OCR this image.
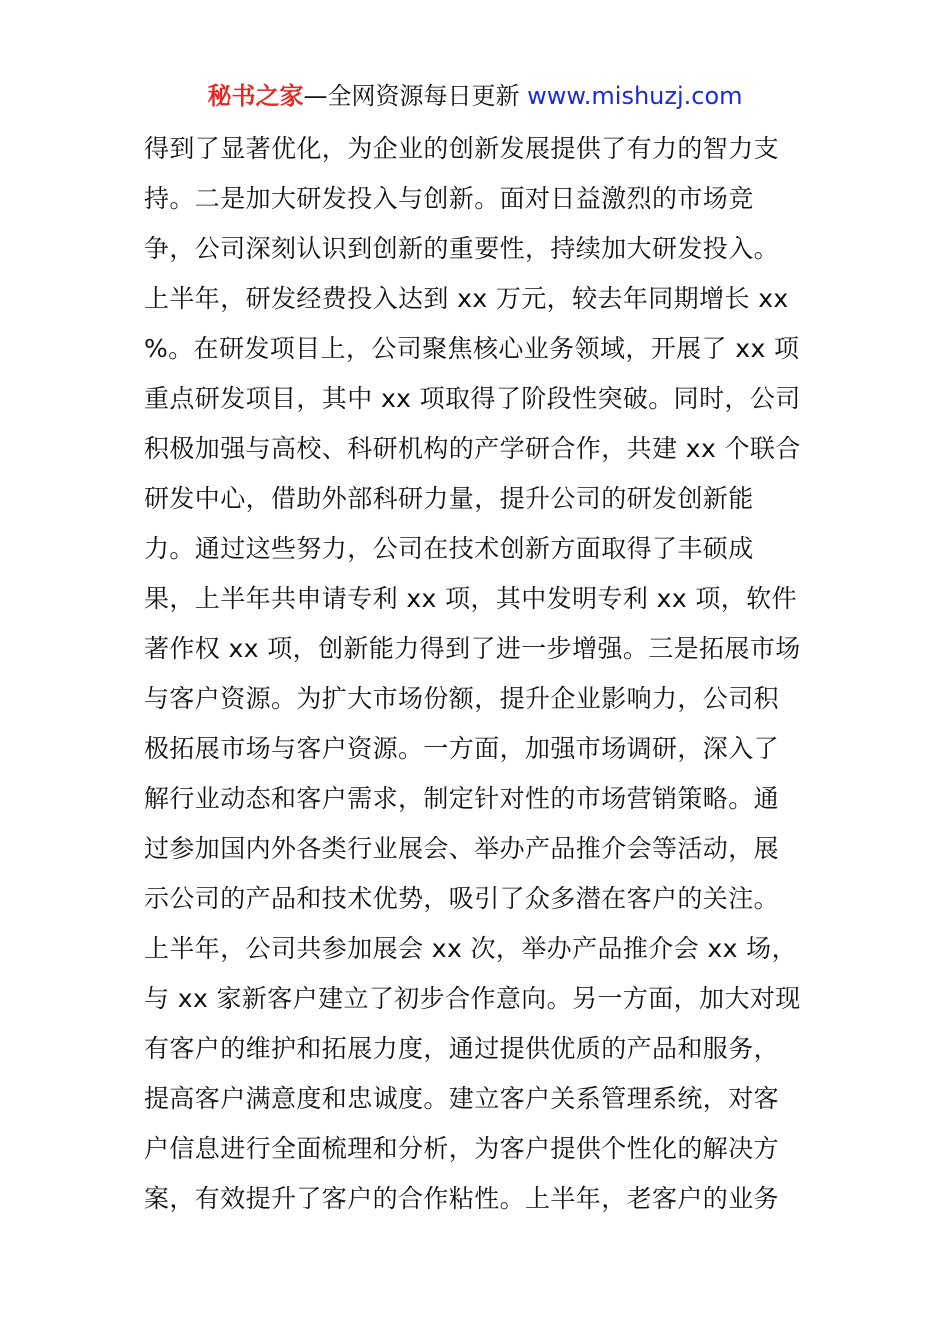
秘书之家—全网资源每日更新 www.mishuzj.com
得到了显著优化，为企业的创新发展提供了有力的智力支
持。二是加大研发投入与创新。面对日益激烈的市场竞
争，公司深刻认识到创新的重要性，持续加大研发投入。
上半年，研发经费投入达到 xx 万元，较去年同期增长 xx
%。在研发项目上，公司聚焦核心业务领域，开展了 xx 项
重点研发项目，其中 xx 项取得了阶段性突破。同时，公司
积极加强与高校、科研机构的产学研合作，共建 xx 个联合
研发中心，借助外部科研力量，提升公司的研发创新能
力。通过这些努力，公司在技术创新方面取得了丰硕成
果，上半年共申请专利 xx 项，其中发明专利 xx 项，软件
著作权 xx 项，创新能力得到了进一步增强。三是拓展市场
与客户资源。为扩大市场份额，提升企业影响力，公司积
极拓展市场与客户资源。一方面，加强市场调研，深入了
解行业动态和客户需求，制定针对性的市场营销策略。通
过参加国内外各类行业展会、举办产品推介会等活动，展
示公司的产品和技术优势，吸引了众多潜在客户的关注。
上半年，公司共参加展会 xx 次，举办产品推介会 xx 场，
与 xx 家新客户建立了初步合作意向。另一方面，加大对现
有客户的维护和拓展力度，通过提供优质的产品和服务，
提高客户满意度和忠诚度。建立客户关系管理系统，对客
户信息进行全面梳理和分析，为客户提供个性化的解决方
案，有效提升了客户的合作粘性。上半年，老客户的业务
